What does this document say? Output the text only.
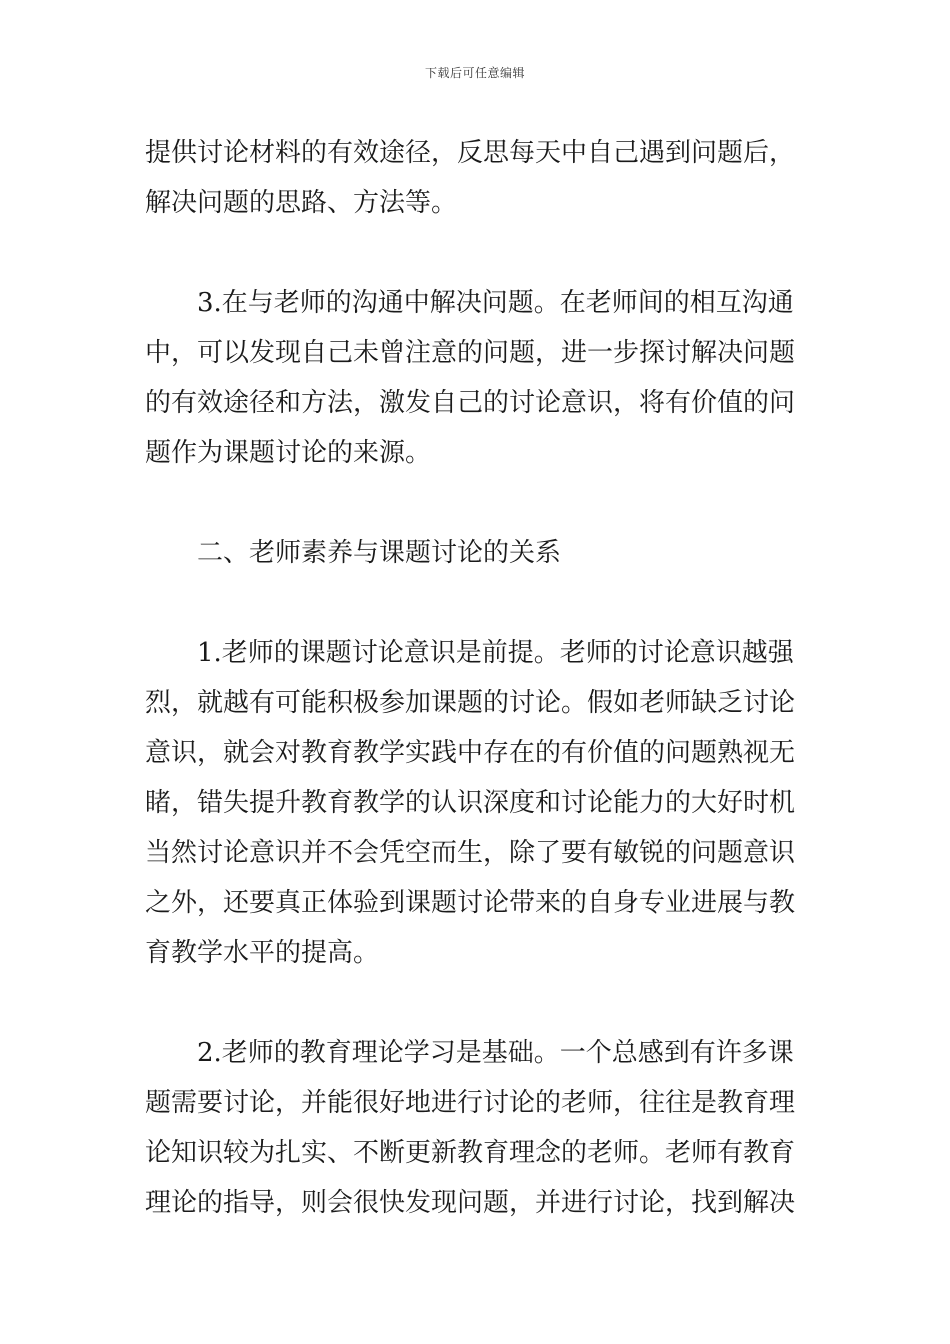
下载后可任意编辑
提供讨论材料的有效途径，反思每天中自己遇到问题后，
解决问题的思路、方法等。
3.在与老师的沟通中解决问题。在老师间的相互沟通
中，可以发现自己未曾注意的问题，进一步探讨解决问题
的有效途径和方法，激发自己的讨论意识，将有价值的问
题作为课题讨论的来源。
二、老师素养与课题讨论的关系
1.老师的课题讨论意识是前提。老师的讨论意识越强
烈，就越有可能积极参加课题的讨论。假如老师缺乏讨论
意识，就会对教育教学实践中存在的有价值的问题熟视无
睹，错失提升教育教学的认识深度和讨论能力的大好时机
当然讨论意识并不会凭空而生，除了要有敏锐的问题意识
之外，还要真正体验到课题讨论带来的自身专业进展与教
育教学水平的提高。
2.老师的教育理论学习是基础。一个总感到有许多课
题需要讨论，并能很好地进行讨论的老师，往往是教育理
论知识较为扎实、不断更新教育理念的老师。老师有教育
理论的指导，则会很快发现问题，并进行讨论，找到解决
